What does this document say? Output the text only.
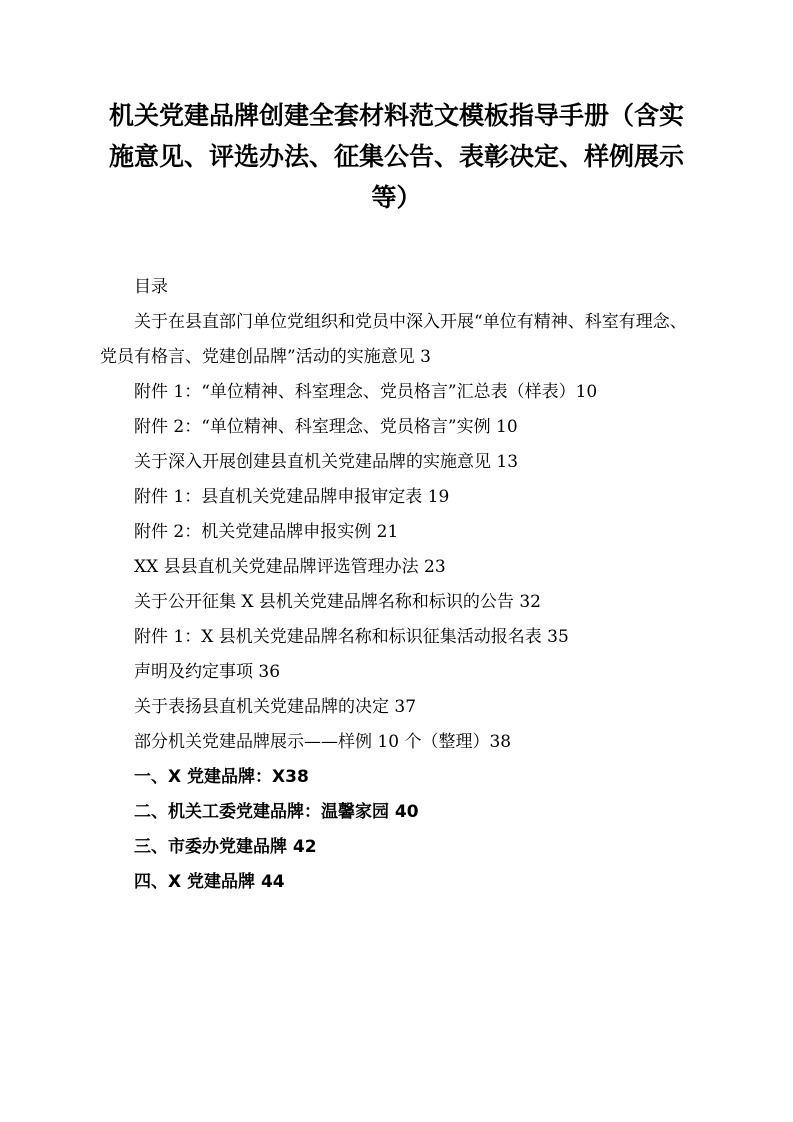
机关党建品牌创建全套材料范文模板指导手册（含实施意见、评选办法、征集公告、表彰决定、样例展示等）

目录

关于在县直部门单位党组织和党员中深入开展“单位有精神、科室有理念、党员有格言、党建创品牌”活动的实施意见 3

附件 1：“单位精神、科室理念、党员格言”汇总表（样表）10

附件 2：“单位精神、科室理念、党员格言”实例 10

关于深入开展创建县直机关党建品牌的实施意见 13

附件 1：县直机关党建品牌申报审定表 19

附件 2：机关党建品牌申报实例 21

XX 县县直机关党建品牌评选管理办法 23

关于公开征集 X 县机关党建品牌名称和标识的公告 32

附件 1：X 县机关党建品牌名称和标识征集活动报名表 35

声明及约定事项 36

关于表扬县直机关党建品牌的决定 37

部分机关党建品牌展示——样例 10 个（整理）38

一、X 党建品牌：X38

二、机关工委党建品牌：温馨家园 40

三、市委办党建品牌 42

四、X 党建品牌 44
